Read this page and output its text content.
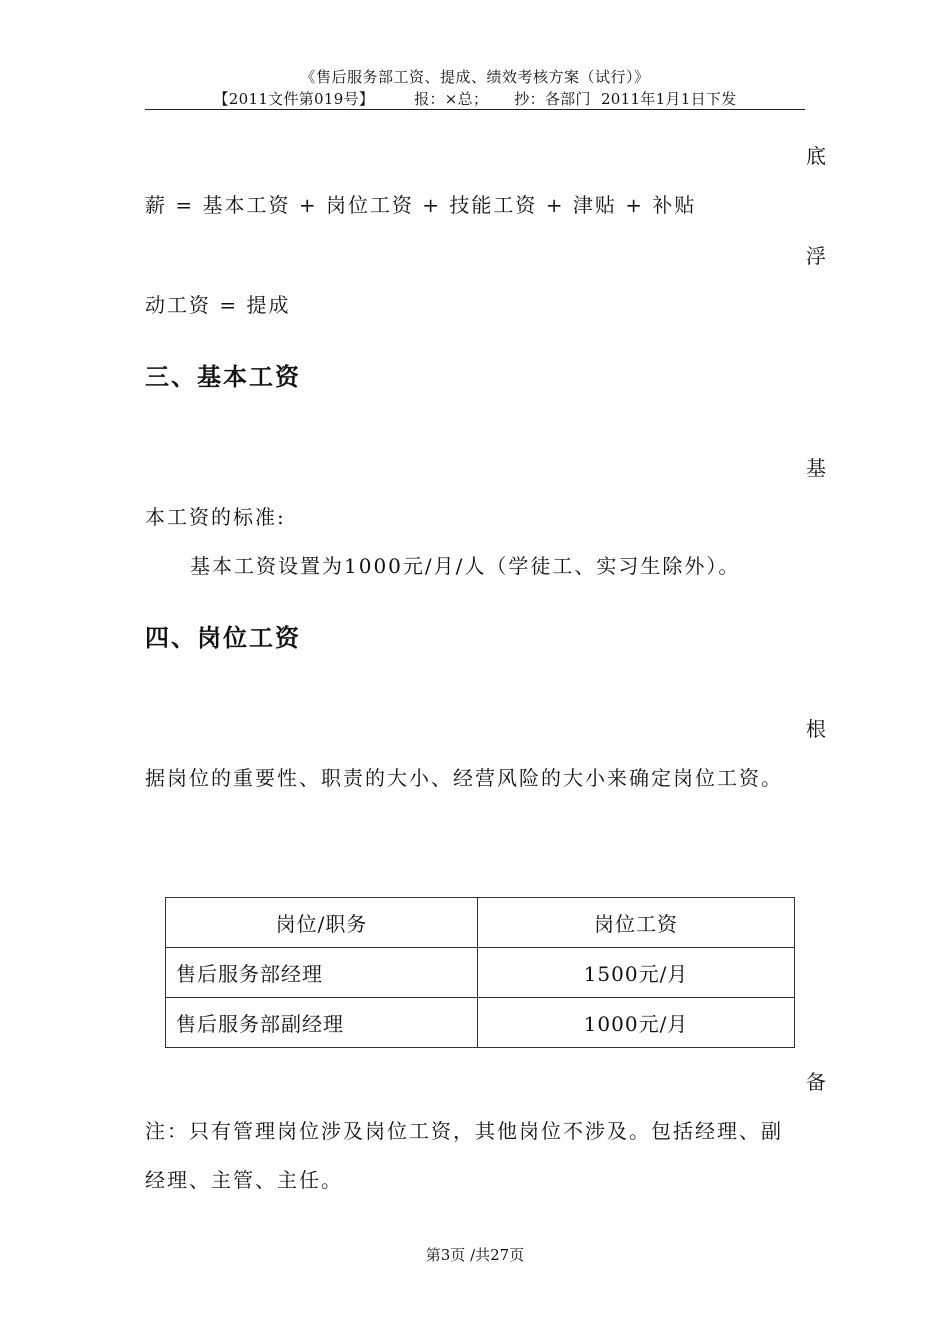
《售后服务部工资、提成、绩效考核方案（试行）》
【2011文件第019号】	报：×总； 抄：各部门 2011年1月1日下发
底
薪 = 基本工资 + 岗位工资 + 技能工资 + 津贴 + 补贴
浮
动工资 = 提成
三、基本工资
基
本工资的标准:
基本工资设置为1000元/月/人（学徒工、实习生除外）。
四、岗位工资
根
据岗位的重要性、职责的大小、经营风险的大小来确定岗位工资。
岗位/职务	岗位工资
售后服务部经理	1500元/月
售后服务部副经理	1000元/月
备
注：只有管理岗位涉及岗位工资，其他岗位不涉及。包括经理、副
经理、主管、主任。
第3页 /共27页
